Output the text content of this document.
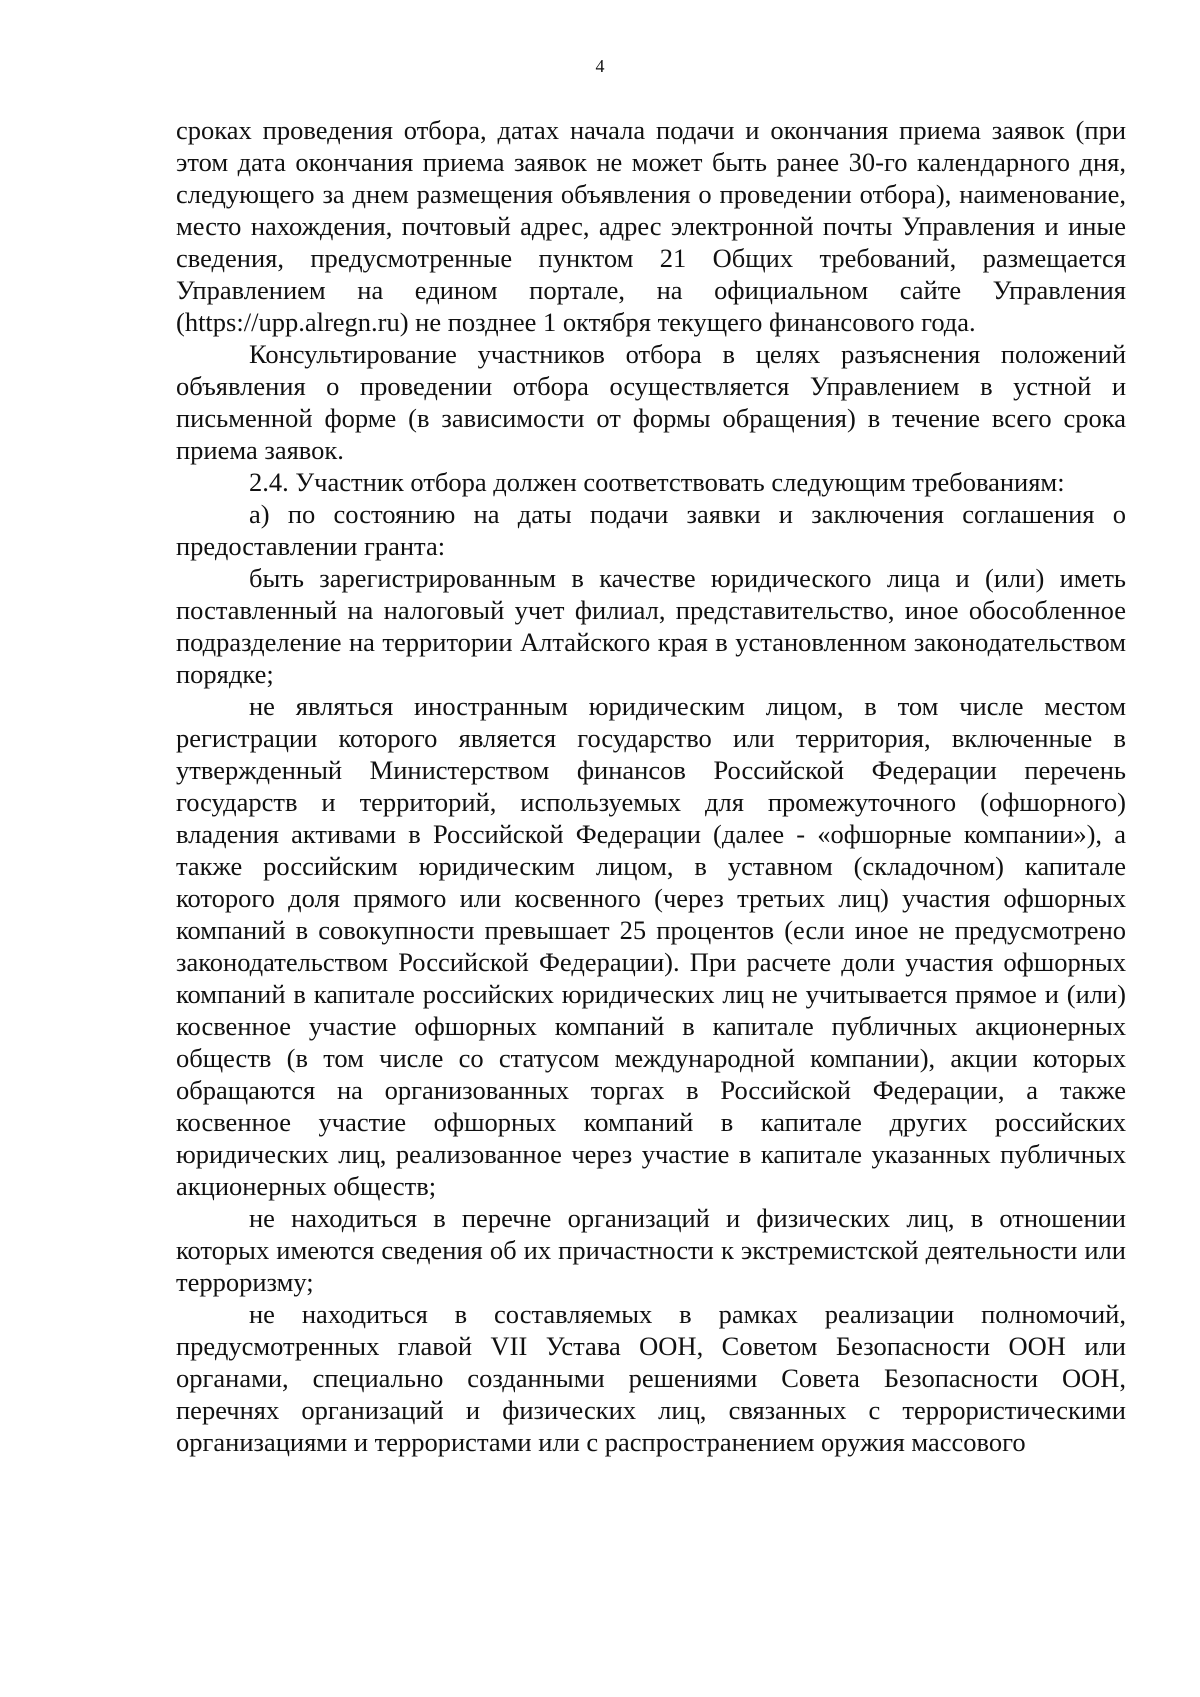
4

сроках проведения отбора, датах начала подачи и окончания приема заявок (при этом дата окончания приема заявок не может быть ранее 30-го календарного дня, следующего за днем размещения объявления о проведении отбора), наименование, место нахождения, почтовый адрес, адрес электронной почты Управления и иные сведения, предусмотренные пунктом 21 Общих требований, размещается Управлением на едином портале, на официальном сайте Управления (https://upp.alregn.ru) не позднее 1 октября текущего финансового года.

Консультирование участников отбора в целях разъяснения положений объявления о проведении отбора осуществляется Управлением в устной и письменной форме (в зависимости от формы обращения) в течение всего срока приема заявок.

2.4. Участник отбора должен соответствовать следующим требованиям:

а) по состоянию на даты подачи заявки и заключения соглашения о предоставлении гранта:

быть зарегистрированным в качестве юридического лица и (или) иметь поставленный на налоговый учет филиал, представительство, иное обособленное подразделение на территории Алтайского края в установленном законодательством порядке;

не являться иностранным юридическим лицом, в том числе местом регистрации которого является государство или территория, включенные в утвержденный Министерством финансов Российской Федерации перечень государств и территорий, используемых для промежуточного (офшорного) владения активами в Российской Федерации (далее - «офшорные компании»), а также российским юридическим лицом, в уставном (складочном) капитале которого доля прямого или косвенного (через третьих лиц) участия офшорных компаний в совокупности превышает 25 процентов (если иное не предусмотрено законодательством Российской Федерации). При расчете доли участия офшорных компаний в капитале российских юридических лиц не учитывается прямое и (или) косвенное участие офшорных компаний в капитале публичных акционерных обществ (в том числе со статусом международной компании), акции которых обращаются на организованных торгах в Российской Федерации, а также косвенное участие офшорных компаний в капитале других российских юридических лиц, реализованное через участие в капитале указанных публичных акционерных обществ;

не находиться в перечне организаций и физических лиц, в отношении которых имеются сведения об их причастности к экстремистской деятельности или терроризму;

не находиться в составляемых в рамках реализации полномочий, предусмотренных главой VII Устава ООН, Советом Безопасности ООН или органами, специально созданными решениями Совета Безопасности ООН, перечнях организаций и физических лиц, связанных с террористическими организациями и террористами или с распространением оружия массового
